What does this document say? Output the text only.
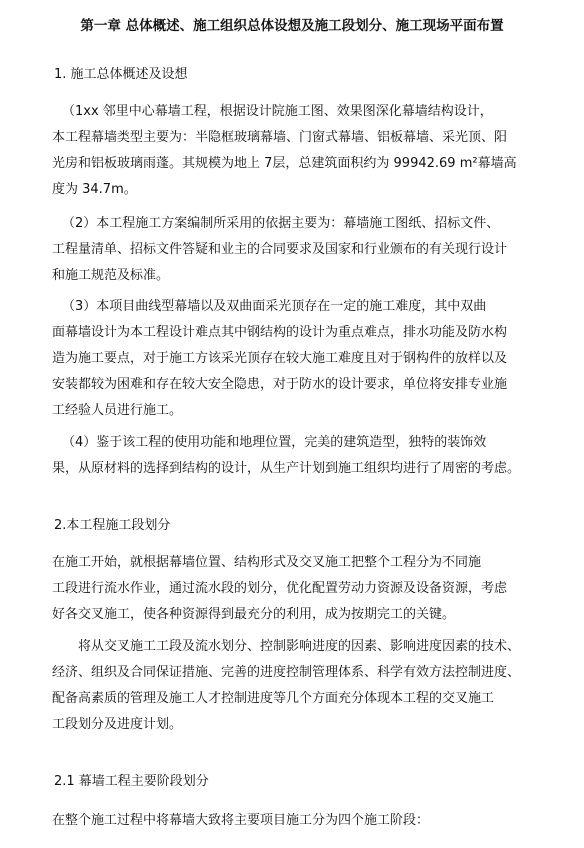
第一章 总体概述、施工组织总体设想及施工段划分、施工现场平面布置
1. 施工总体概述及设想
（1xx 邻里中心幕墙工程，根据设计院施工图、效果图深化幕墙结构设计，
本工程幕墙类型主要为：半隐框玻璃幕墙、门窗式幕墙、铝板幕墙、采光顶、阳
光房和铝板玻璃雨蓬。其规模为地上 7层，总建筑面积约为 99942.69 m²幕墙高
度为 34.7m。
（2）本工程施工方案编制所采用的依据主要为：幕墙施工图纸、招标文件、
工程量清单、招标文件答疑和业主的合同要求及国家和行业颁布的有关现行设计
和施工规范及标准。
（3）本项目曲线型幕墙以及双曲面采光顶存在一定的施工难度，其中双曲
面幕墙设计为本工程设计难点其中钢结构的设计为重点难点，排水功能及防水构
造为施工要点，对于施工方该采光顶存在较大施工难度且对于钢构件的放样以及
安装都较为困难和存在较大安全隐患，对于防水的设计要求，单位将安排专业施
工经验人员进行施工。
（4）鉴于该工程的使用功能和地理位置，完美的建筑造型，独特的装饰效
果，从原材料的选择到结构的设计，从生产计划到施工组织均进行了周密的考虑。
2.本工程施工段划分
在施工开始，就根据幕墙位置、结构形式及交叉施工把整个工程分为不同施
工段进行流水作业，通过流水段的划分，优化配置劳动力资源及设备资源，考虑
好各交叉施工，使各种资源得到最充分的利用，成为按期完工的关键。
将从交叉施工工段及流水划分、控制影响进度的因素、影响进度因素的技术、
经济、组织及合同保证措施、完善的进度控制管理体系、科学有效方法控制进度、
配备高素质的管理及施工人才控制进度等几个方面充分体现本工程的交叉施工
工段划分及进度计划。
2.1 幕墙工程主要阶段划分
在整个施工过程中将幕墙大致将主要项目施工分为四个施工阶段：
